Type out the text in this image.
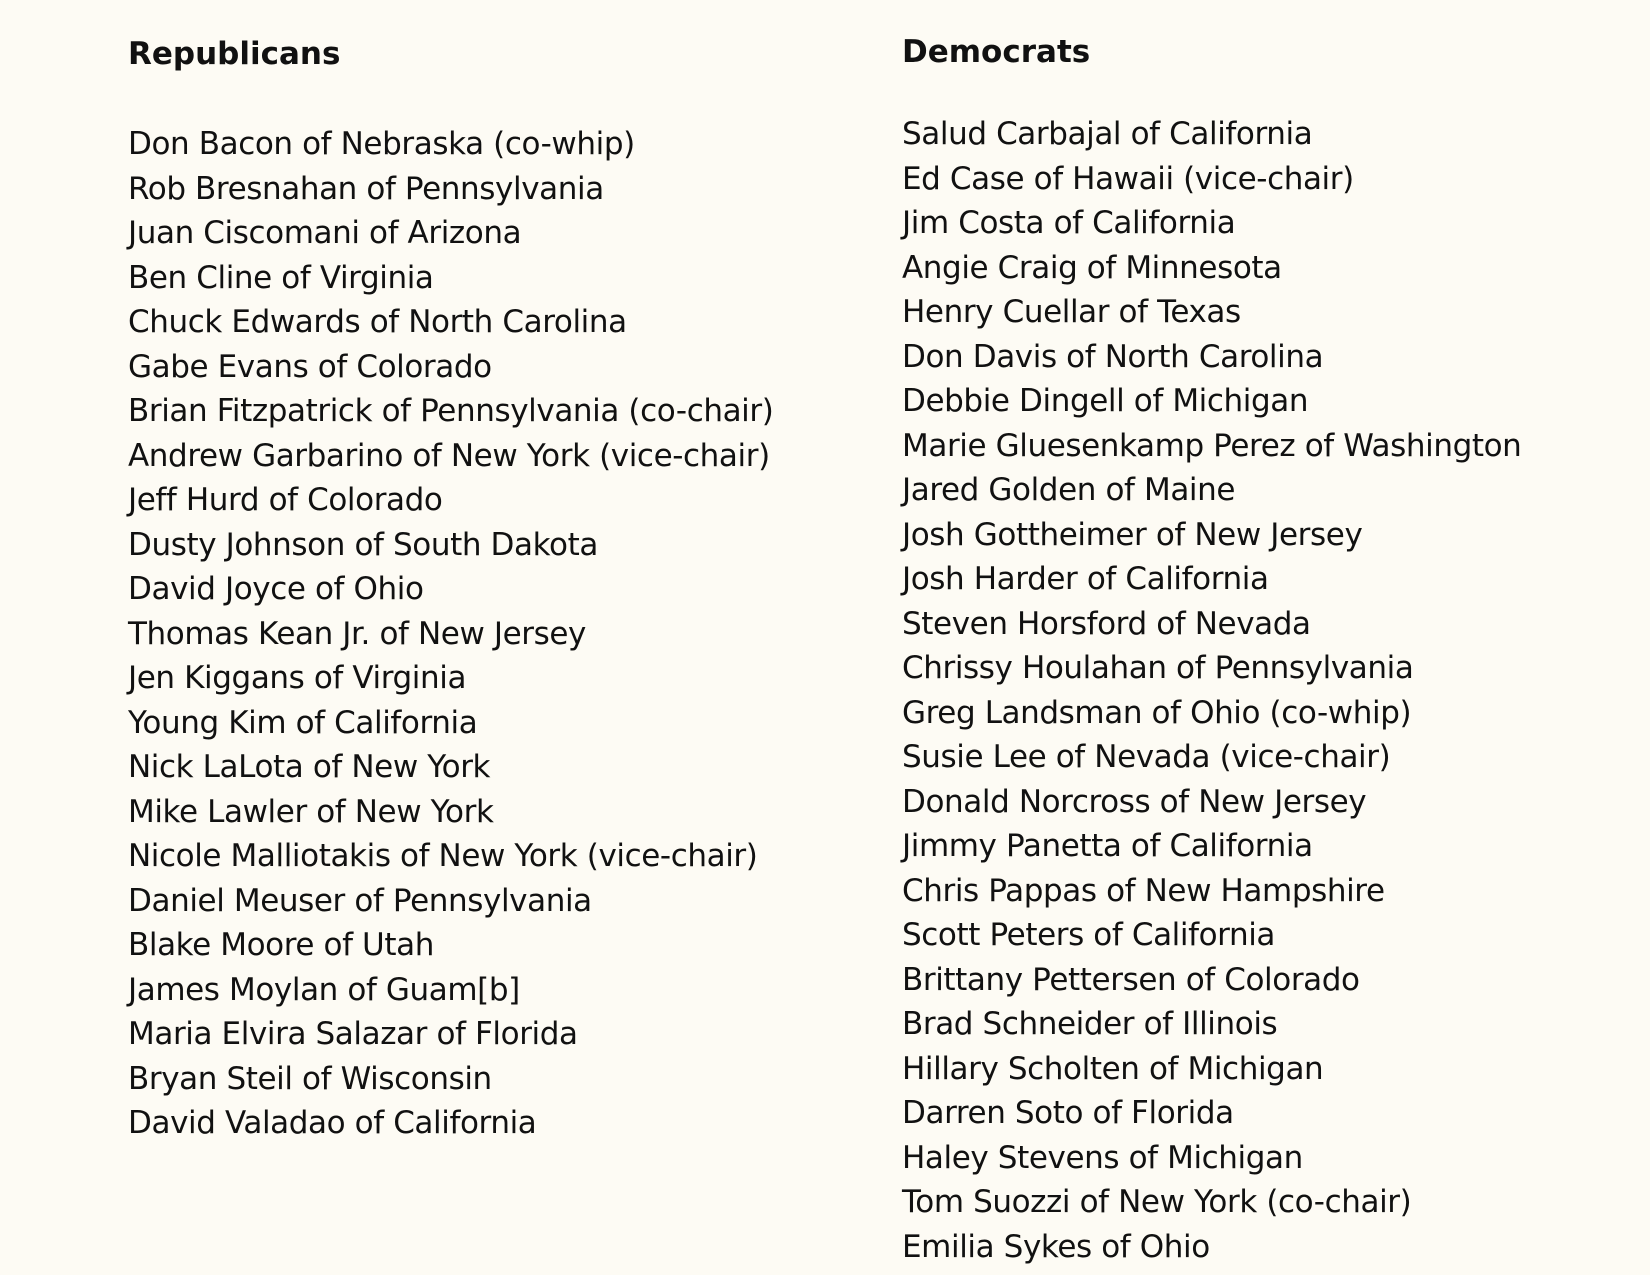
Republicans
Don Bacon of Nebraska (co-whip)
Rob Bresnahan of Pennsylvania
Juan Ciscomani of Arizona
Ben Cline of Virginia
Chuck Edwards of North Carolina
Gabe Evans of Colorado
Brian Fitzpatrick of Pennsylvania (co-chair)
Andrew Garbarino of New York (vice-chair)
Jeff Hurd of Colorado
Dusty Johnson of South Dakota
David Joyce of Ohio
Thomas Kean Jr. of New Jersey
Jen Kiggans of Virginia
Young Kim of California
Nick LaLota of New York
Mike Lawler of New York
Nicole Malliotakis of New York (vice-chair)
Daniel Meuser of Pennsylvania
Blake Moore of Utah
James Moylan of Guam[b]
Maria Elvira Salazar of Florida
Bryan Steil of Wisconsin
David Valadao of California
Democrats
Salud Carbajal of California
Ed Case of Hawaii (vice-chair)
Jim Costa of California
Angie Craig of Minnesota
Henry Cuellar of Texas
Don Davis of North Carolina
Debbie Dingell of Michigan
Marie Gluesenkamp Perez of Washington
Jared Golden of Maine
Josh Gottheimer of New Jersey
Josh Harder of California
Steven Horsford of Nevada
Chrissy Houlahan of Pennsylvania
Greg Landsman of Ohio (co-whip)
Susie Lee of Nevada (vice-chair)
Donald Norcross of New Jersey
Jimmy Panetta of California
Chris Pappas of New Hampshire
Scott Peters of California
Brittany Pettersen of Colorado
Brad Schneider of Illinois
Hillary Scholten of Michigan
Darren Soto of Florida
Haley Stevens of Michigan
Tom Suozzi of New York (co-chair)
Emilia Sykes of Ohio
